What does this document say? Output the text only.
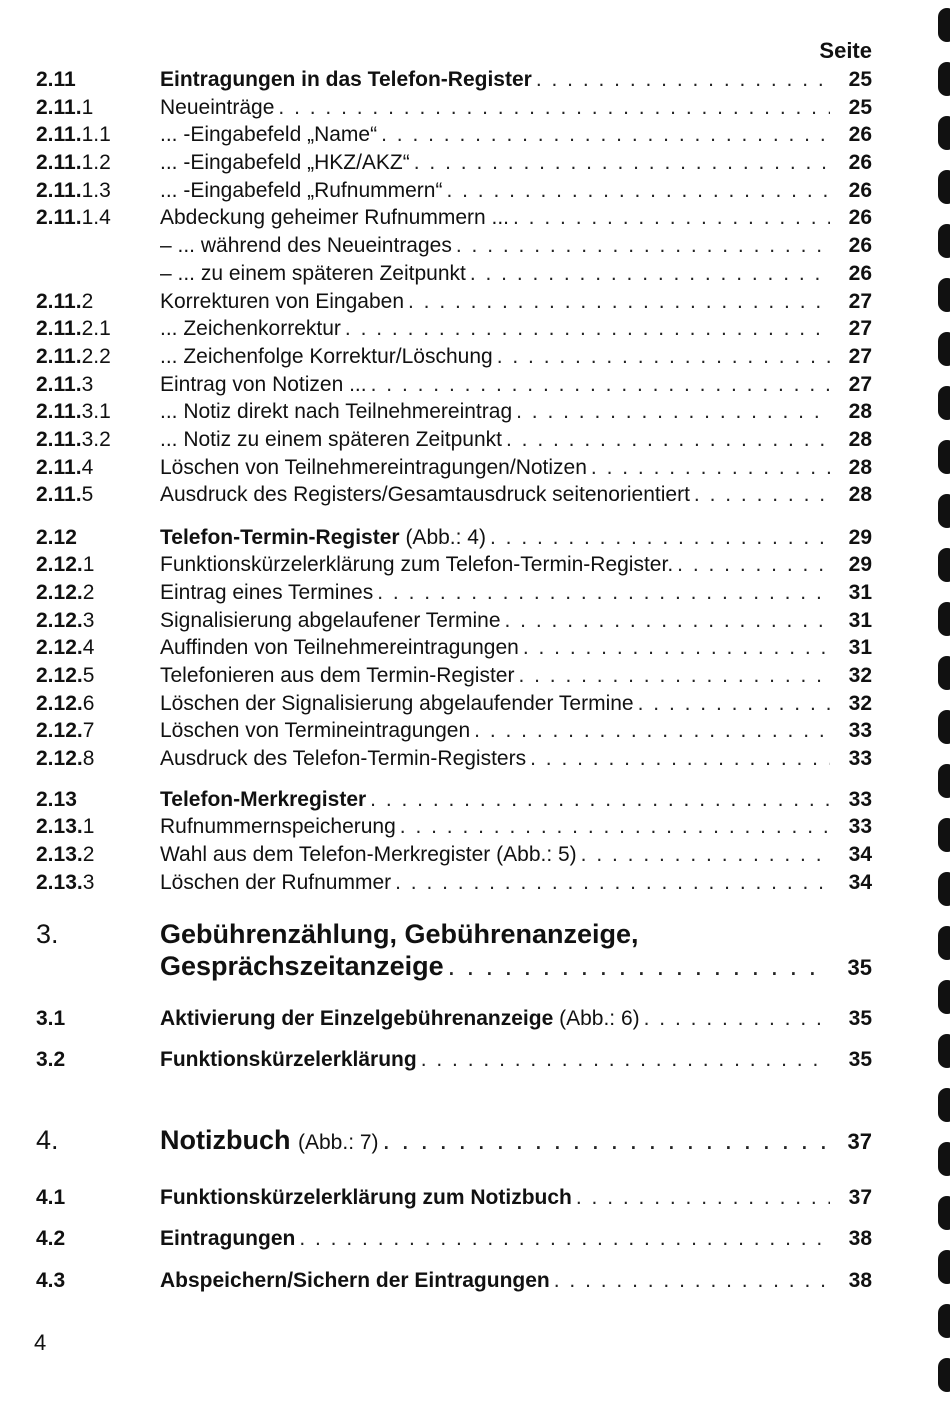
Seite
2.11	Eintragungen in das Telefon-Register . . .	25
2.11.1	Neueinträge . . .	25
2.11.1.1	... -Eingabefeld „Name“ . . .	26
2.11.1.2	... -Eingabefeld „HKZ/AKZ“ . . .	26
2.11.1.3	... -Eingabefeld „Rufnummern“ . . .	26
2.11.1.4	Abdeckung geheimer Rufnummern ... . . .	26
– ... während des Neueintrages . . .	26
– ... zu einem späteren Zeitpunkt . . .	26
2.11.2	Korrekturen von Eingaben . . .	27
2.11.2.1	... Zeichenkorrektur . . .	27
2.11.2.2	... Zeichenfolge Korrektur/Löschung . . .	27
2.11.3	Eintrag von Notizen ... . . .	27
2.11.3.1	... Notiz direkt nach Teilnehmereintrag . . .	28
2.11.3.2	... Notiz zu einem späteren Zeitpunkt . . .	28
2.11.4	Löschen von Teilnehmereintragungen/Notizen . . .	28
2.11.5	Ausdruck des Registers/Gesamtausdruck seitenorientiert . . .	28
2.12	Telefon-Termin-Register (Abb.: 4) . . .	29
2.12.1	Funktionskürzelerklärung zum Telefon-Termin-Register. . . .	29
2.12.2	Eintrag eines Termines . . .	31
2.12.3	Signalisierung abgelaufener Termine . . .	31
2.12.4	Auffinden von Teilnehmereintragungen . . .	31
2.12.5	Telefonieren aus dem Termin-Register . . .	32
2.12.6	Löschen der Signalisierung abgelaufender Termine . . .	32
2.12.7	Löschen von Termineintragungen . . .	33
2.12.8	Ausdruck des Telefon-Termin-Registers . . .	33
2.13	Telefon-Merkregister . . .	33
2.13.1	Rufnummernspeicherung . . .	33
2.13.2	Wahl aus dem Telefon-Merkregister (Abb.: 5) . . .	34
2.13.3	Löschen der Rufnummer . . .	34
3.	Gebührenzählung, Gebührenanzeige,
Gesprächszeitanzeige . . .	35
3.1	Aktivierung der Einzelgebührenanzeige (Abb.: 6) . . .	35
3.2	Funktionskürzelerklärung . . .	35
4.	Notizbuch (Abb.: 7) . . .	37
4.1	Funktionskürzelerklärung zum Notizbuch . . .	37
4.2	Eintragungen . . .	38
4.3	Abspeichern/Sichern der Eintragungen . . .	38
4
